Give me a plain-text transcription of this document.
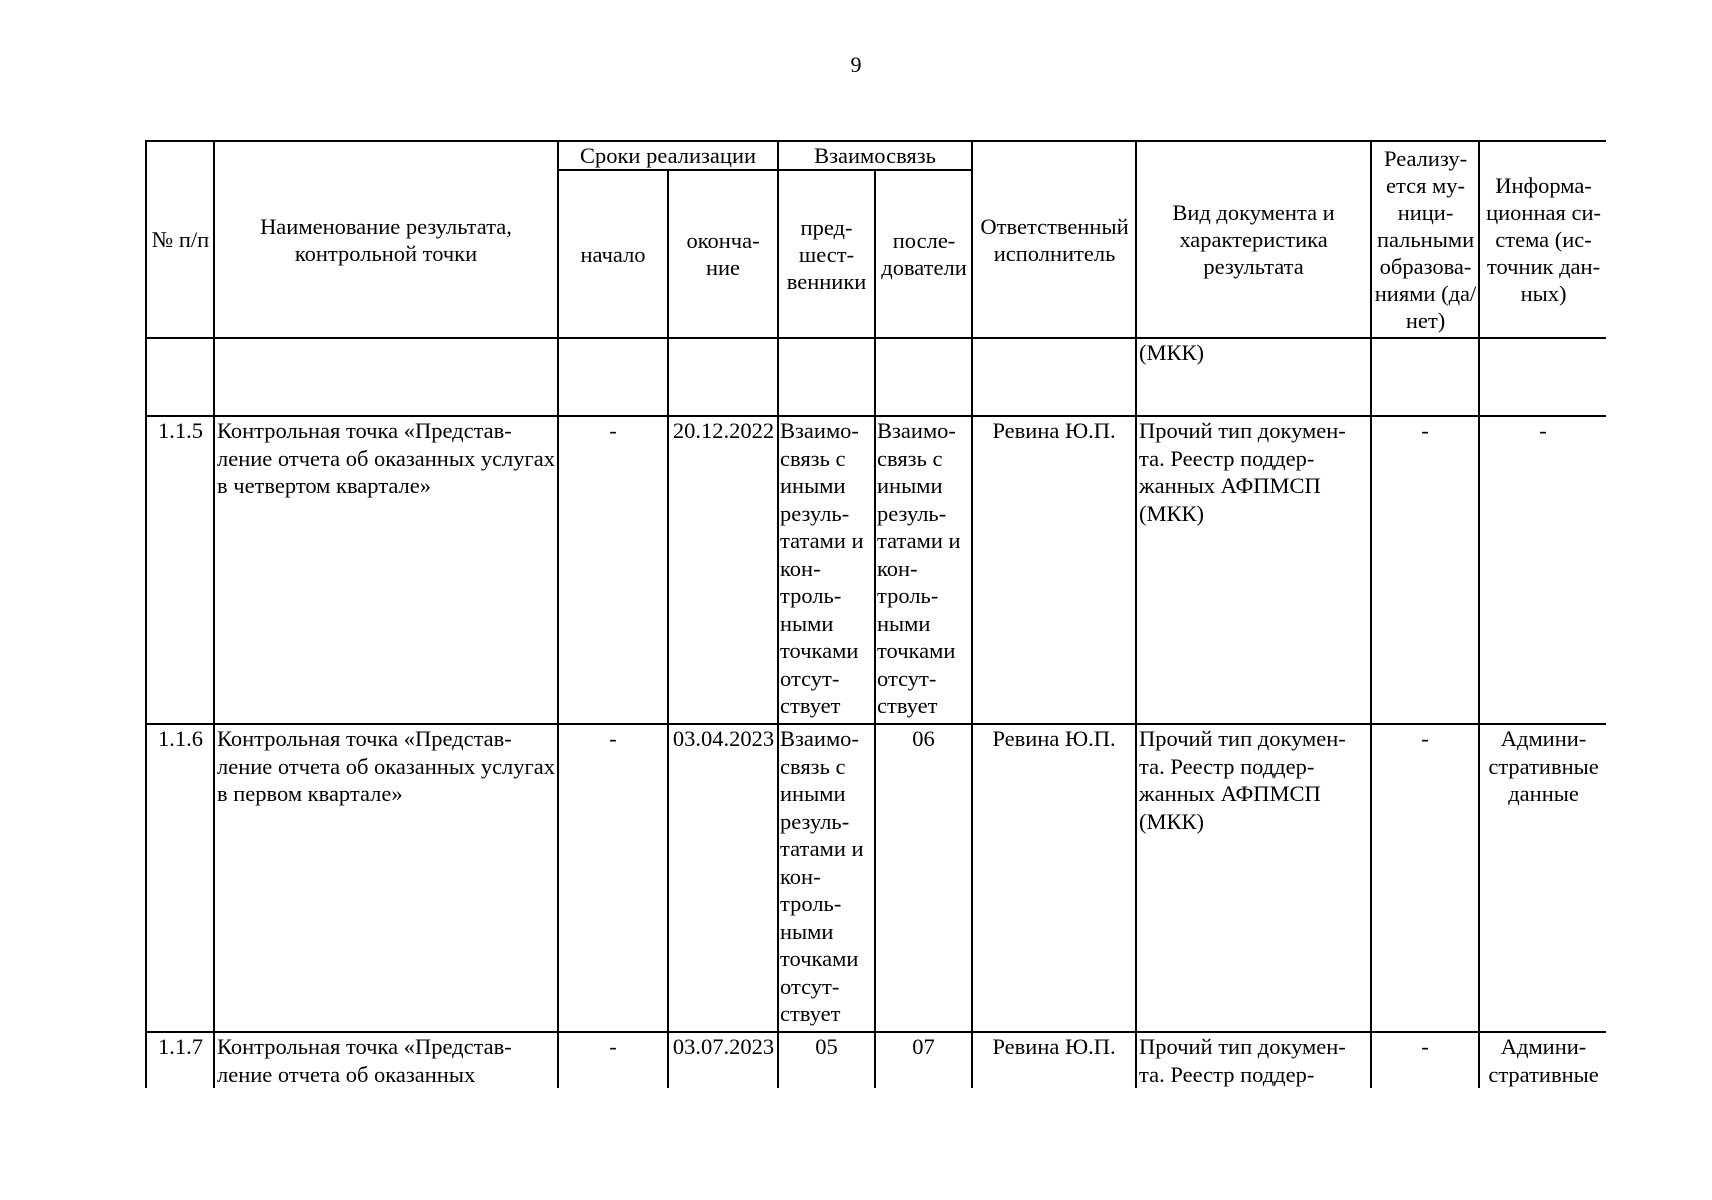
9
№ п/п	Наименование результата, контрольной точки	Сроки реализации		Взаимосвязь		Ответственный исполнитель	Вид документа и характеристика результата	Реализу-ется му-ници-пальными образова-ниями (да/нет)	Информа-ционная си-стема (ис-точник дан-ных)
		начало	оконча-ние	пред-шест-венники	после-дователи				
							(МКК)		
1.1.5	Контрольная точка «Представ-ление отчета об оказанных услугах в четвертом квартале»	-	20.12.2022	Взаимо-связь с иными резуль-татами и кон-троль-ными точками отсут-ствует	Взаимо-связь с иными резуль-татами и кон-троль-ными точками отсут-ствует	Ревина Ю.П.	Прочий тип докумен-та. Реестр поддер-жанных АФПМСП (МКК)	-	-
1.1.6	Контрольная точка «Представ-ление отчета об оказанных услугах в первом квартале»	-	03.04.2023	Взаимо-связь с иными резуль-татами и кон-троль-ными точками отсут-ствует	06	Ревина Ю.П.	Прочий тип докумен-та. Реестр поддер-жанных АФПМСП (МКК)	-	Админи-стративные данные
1.1.7	Контрольная точка «Представ-ление отчета об оказанных	-	03.07.2023	05	07	Ревина Ю.П.	Прочий тип докумен-та. Реестр поддер-	-	Админи-стративные
